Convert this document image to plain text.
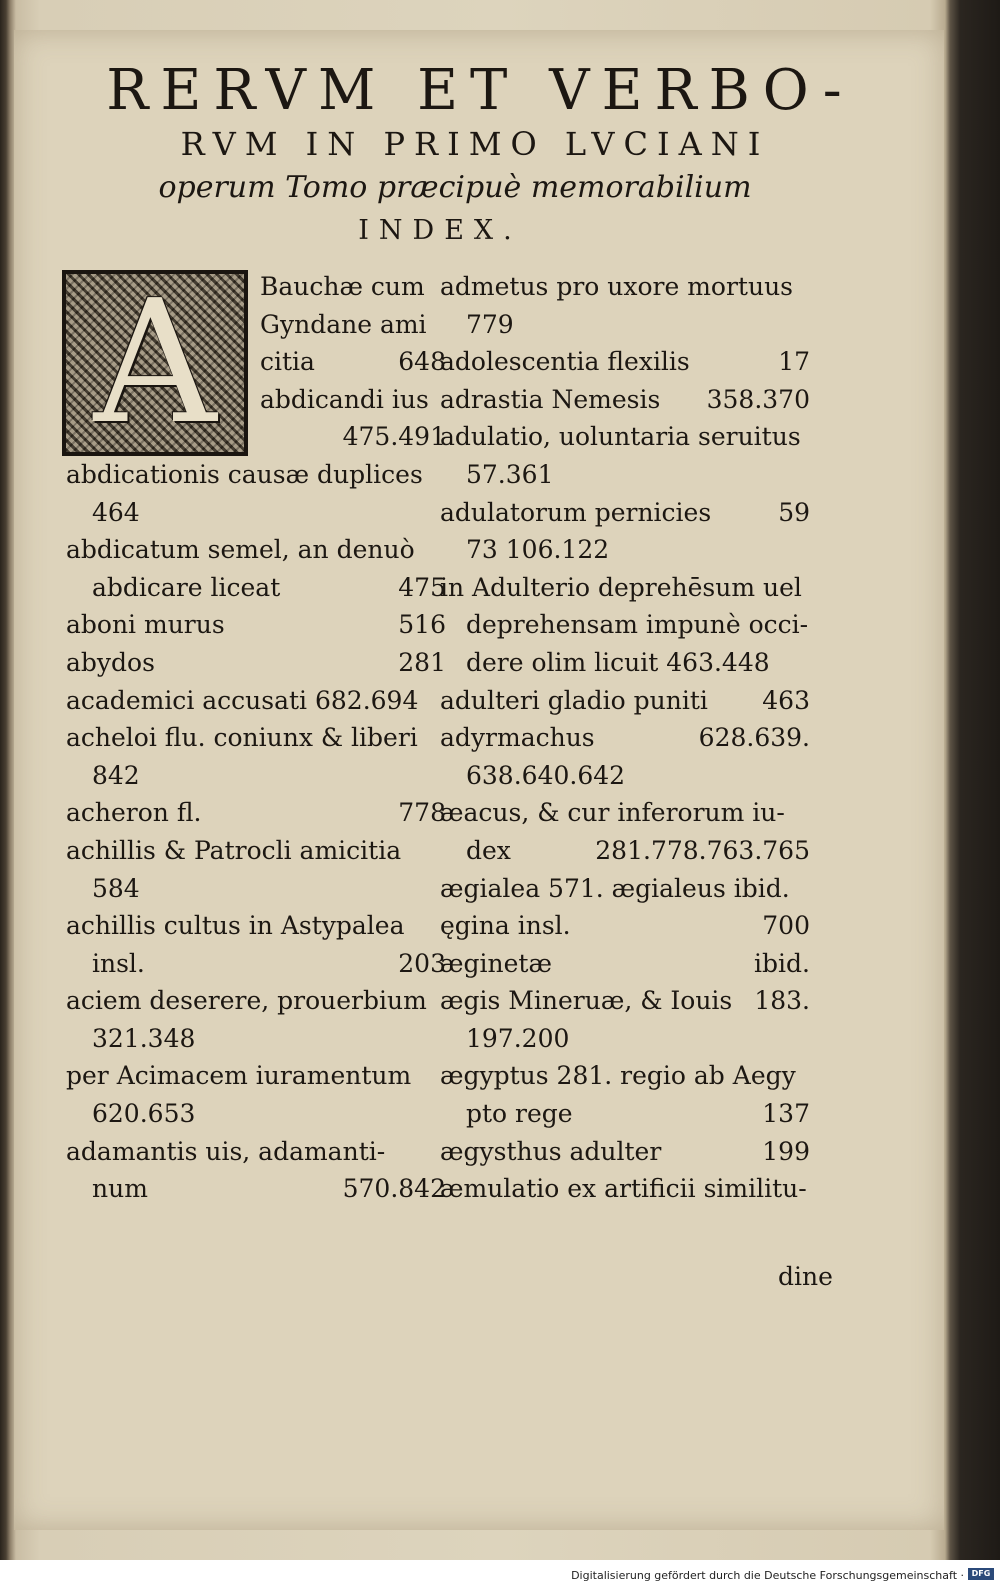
RERVM ET VERBO-
RVM IN PRIMO LVCIANI
operum Tomo præcipuè memorabilium
INDEX.
A	Bauchæ cum
Gyndane ami
citia	648
abdicandi ius
475.491
abdicationis causæ duplices
464
abdicatum semel, an denuò
abdicare liceat	475
aboni murus	516
abydos	281
academici accusati 682.694
acheloi flu. coniunx & liberi
842
acheron fl.	778
achillis & Patrocli amicitia
584
achillis cultus in Astypalea
insl.	203
aciem deserere, prouerbium
321.348
per Acimacem iuramentum
620.653
adamantis uis, adamanti-
num	570.842
admetus pro uxore mortuus
779
adolescentia flexilis	17
adrastia Nemesis 358.370
adulatio, uoluntaria seruitus
57.361
adulatorum pernicies	59
73 106.122
in Adulterio deprehēsum uel
deprehensam impunè occi-
dere olim licuit 463.448
adulteri gladio puniti 463
adyrmachus	628.639.
638.640.642
æacus, & cur inferorum iu-
dex	281.778.763.765
ægialea 571. ægialeus ibid.
ęgina insl.	700
æginetæ	ibid.
ægis Mineruæ, & Iouis 183.
197.200
ægyptus 281. regio ab Aegy
pto rege	137
ægysthus adulter	199
æmulatio ex artificii similitu-
dine
Digitalisierung gefördert durch die Deutsche Forschungsgemeinschaft · DFG
